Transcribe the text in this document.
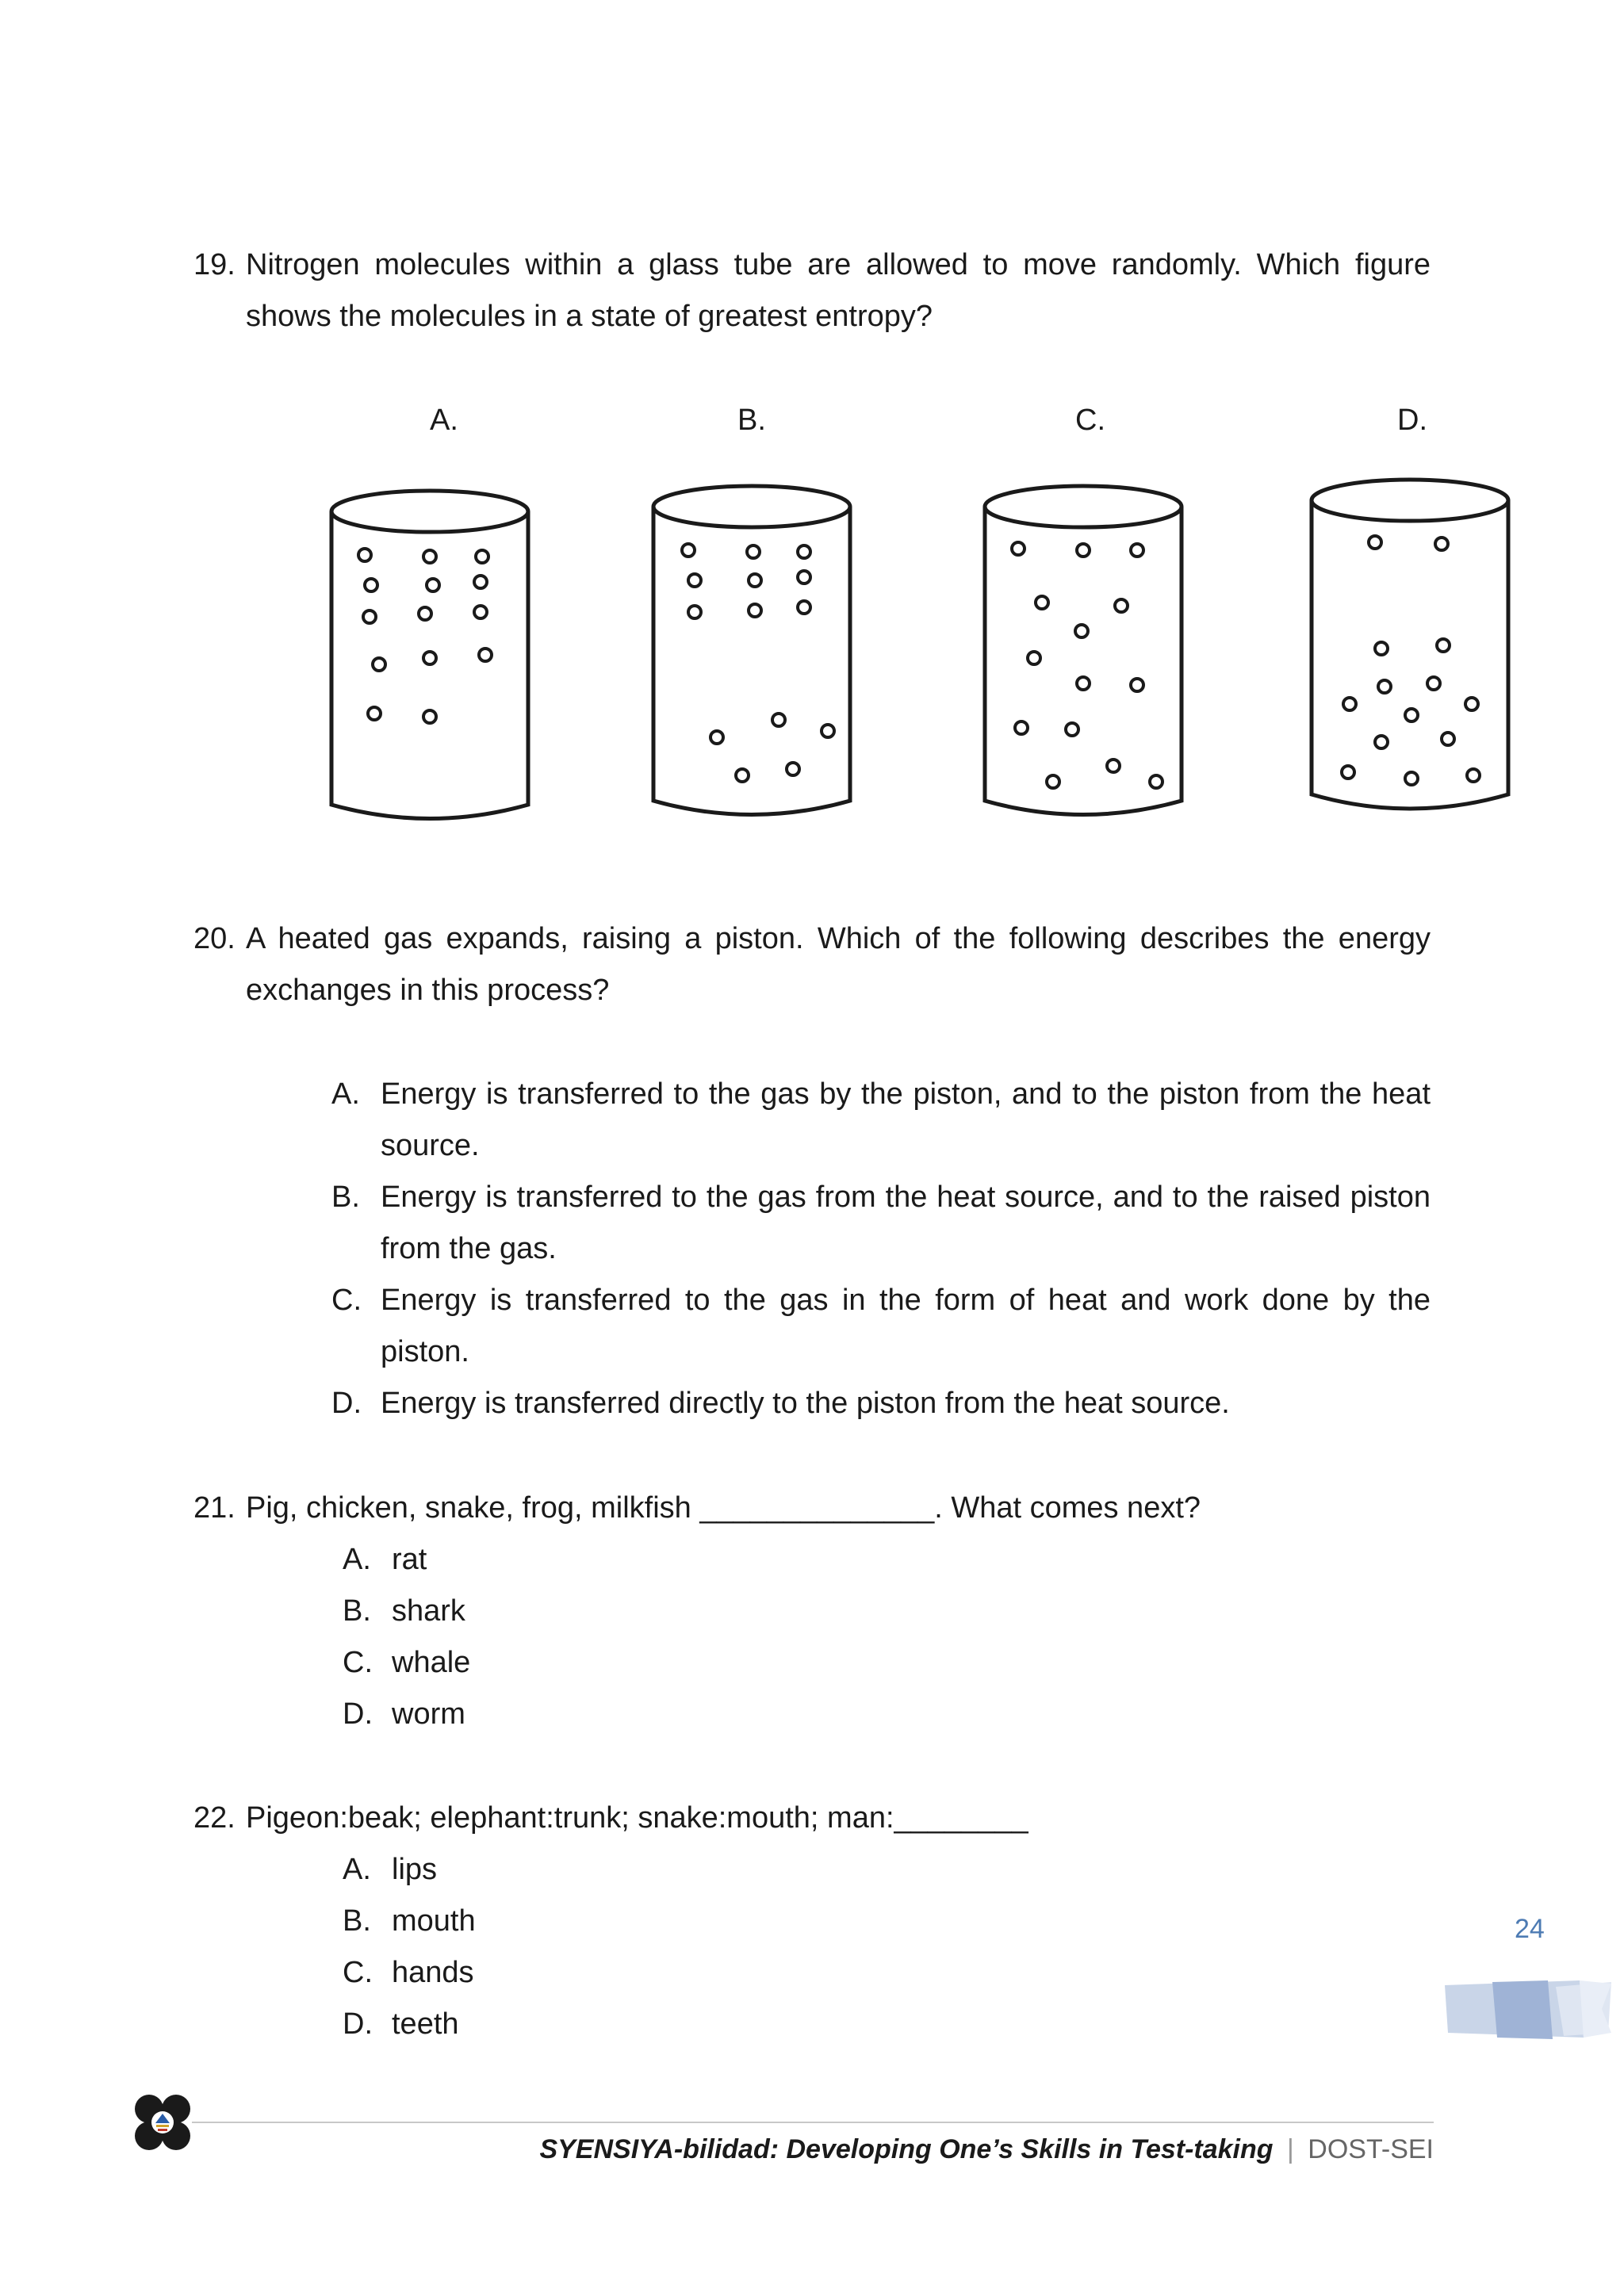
19. Nitrogen molecules within a glass tube are allowed to move randomly. Which figure shows the molecules in a state of greatest entropy?
A.	B.	C.	D.
20. A heated gas expands, raising a piston. Which of the following describes the energy exchanges in this process?
A. Energy is transferred to the gas by the piston, and to the piston from the heat source.
B. Energy is transferred to the gas from the heat source, and to the raised piston from the gas.
C. Energy is transferred to the gas in the form of heat and work done by the piston.
D. Energy is transferred directly to the piston from the heat source.
21. Pig, chicken, snake, frog, milkfish ______________. What comes next?
A. rat
B. shark
C. whale
D. worm
22. Pigeon:beak; elephant:trunk; snake:mouth; man:________
A. lips
B. mouth
C. hands
D. teeth
24
SYENSIYA-bilidad: Developing One’s Skills in Test-taking | DOST-SEI
